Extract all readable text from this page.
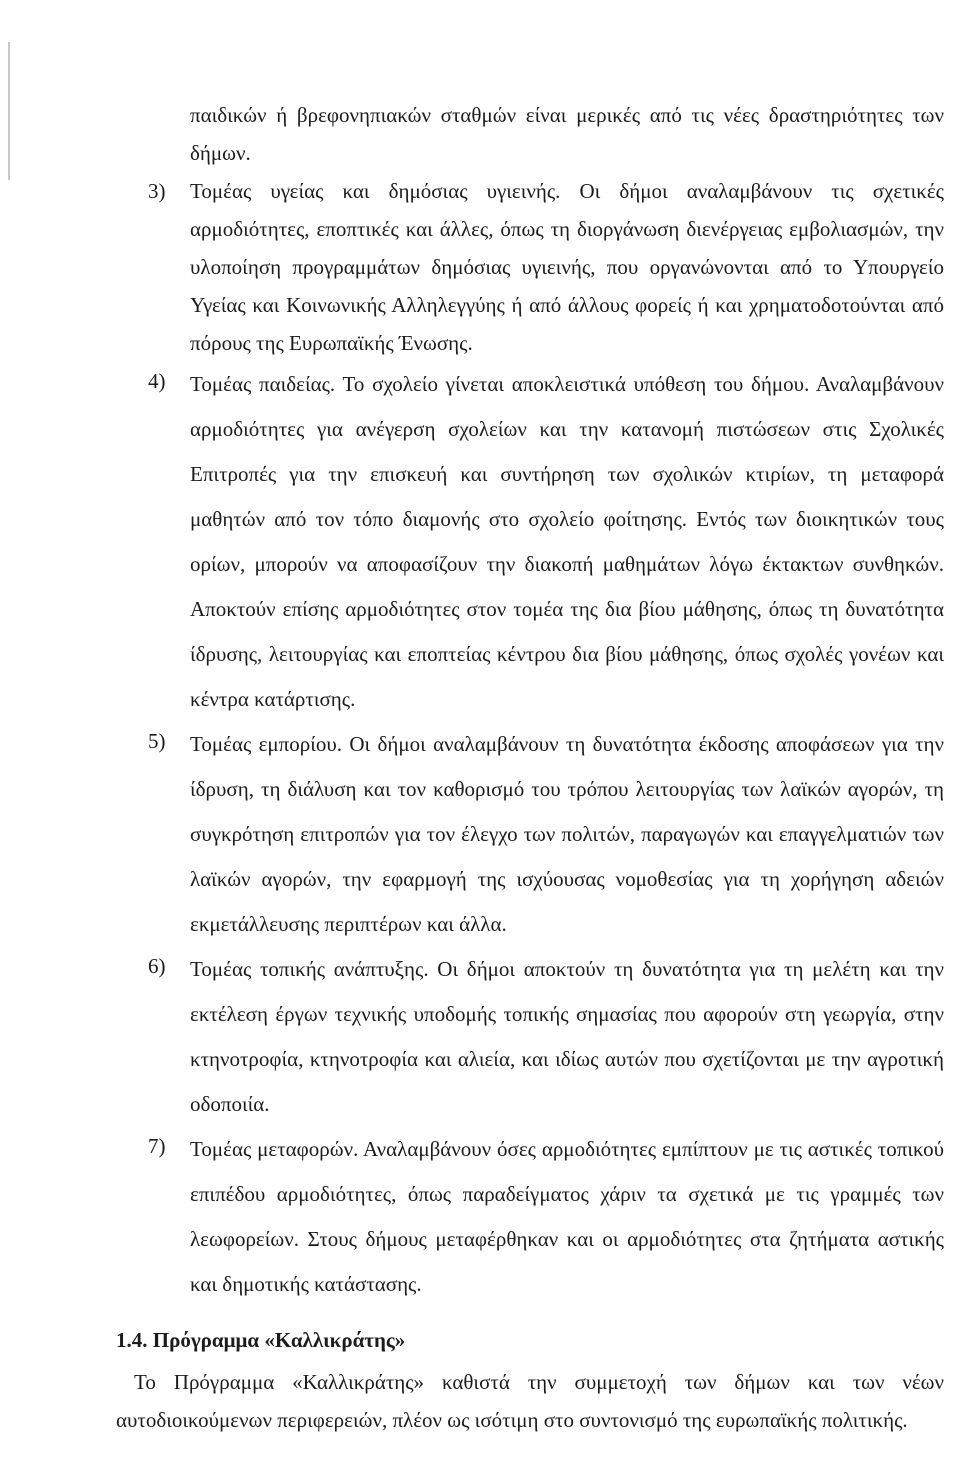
παιδικών ή βρεφονηπιακών σταθμών είναι μερικές από τις νέες δραστηριότητες των δήμων.

3)	Τομέας υγείας και δημόσιας υγιεινής. Οι δήμοι αναλαμβάνουν τις σχετικές αρμοδιότητες, εποπτικές και άλλες, όπως τη διοργάνωση διενέργειας εμβολιασμών, την υλοποίηση προγραμμάτων δημόσιας υγιεινής, που οργανώνονται από το Υπουργείο Υγείας και Κοινωνικής Αλληλεγγύης ή από άλλους φορείς ή και χρηματοδοτούνται από πόρους της Ευρωπαϊκής Ένωσης.

4)	Τομέας παιδείας. Το σχολείο γίνεται αποκλειστικά υπόθεση του δήμου. Αναλαμβάνουν αρμοδιότητες για ανέγερση σχολείων και την κατανομή πιστώσεων στις Σχολικές Επιτροπές για την επισκευή και συντήρηση των σχολικών κτιρίων, τη μεταφορά μαθητών από τον τόπο διαμονής στο σχολείο φοίτησης. Εντός των διοικητικών τους ορίων, μπορούν να αποφασίζουν την διακοπή μαθημάτων λόγω έκτακτων συνθηκών. Αποκτούν επίσης αρμοδιότητες στον τομέα της δια βίου μάθησης, όπως τη δυνατότητα ίδρυσης, λειτουργίας και εποπτείας κέντρου δια βίου μάθησης, όπως σχολές γονέων και κέντρα κατάρτισης.

5)	Τομέας εμπορίου. Οι δήμοι αναλαμβάνουν τη δυνατότητα έκδοσης αποφάσεων για την ίδρυση, τη διάλυση και τον καθορισμό του τρόπου λειτουργίας των λαϊκών αγορών, τη συγκρότηση επιτροπών για τον έλεγχο των πολιτών, παραγωγών και επαγγελματιών των λαϊκών αγορών, την εφαρμογή της ισχύουσας νομοθεσίας για τη χορήγηση αδειών εκμετάλλευσης περιπτέρων και άλλα.

6)	Τομέας τοπικής ανάπτυξης. Οι δήμοι αποκτούν τη δυνατότητα για τη μελέτη και την εκτέλεση έργων τεχνικής υποδομής τοπικής σημασίας που αφορούν στη γεωργία, στην κτηνοτροφία, κτηνοτροφία και αλιεία, και ιδίως αυτών που σχετίζονται με την αγροτική οδοποιία.

7)	Τομέας μεταφορών. Αναλαμβάνουν όσες αρμοδιότητες εμπίπτουν με τις αστικές τοπικού επιπέδου αρμοδιότητες, όπως παραδείγματος χάριν τα σχετικά με τις γραμμές των λεωφορείων. Στους δήμους μεταφέρθηκαν και οι αρμοδιότητες στα ζητήματα αστικής και δημοτικής κατάστασης.

1.4. Πρόγραμμα «Καλλικράτης»

Το Πρόγραμμα «Καλλικράτης» καθιστά την συμμετοχή των δήμων και των νέων αυτοδιοικούμενων περιφερειών, πλέον ως ισότιμη στο συντονισμό της ευρωπαϊκής πολιτικής.
